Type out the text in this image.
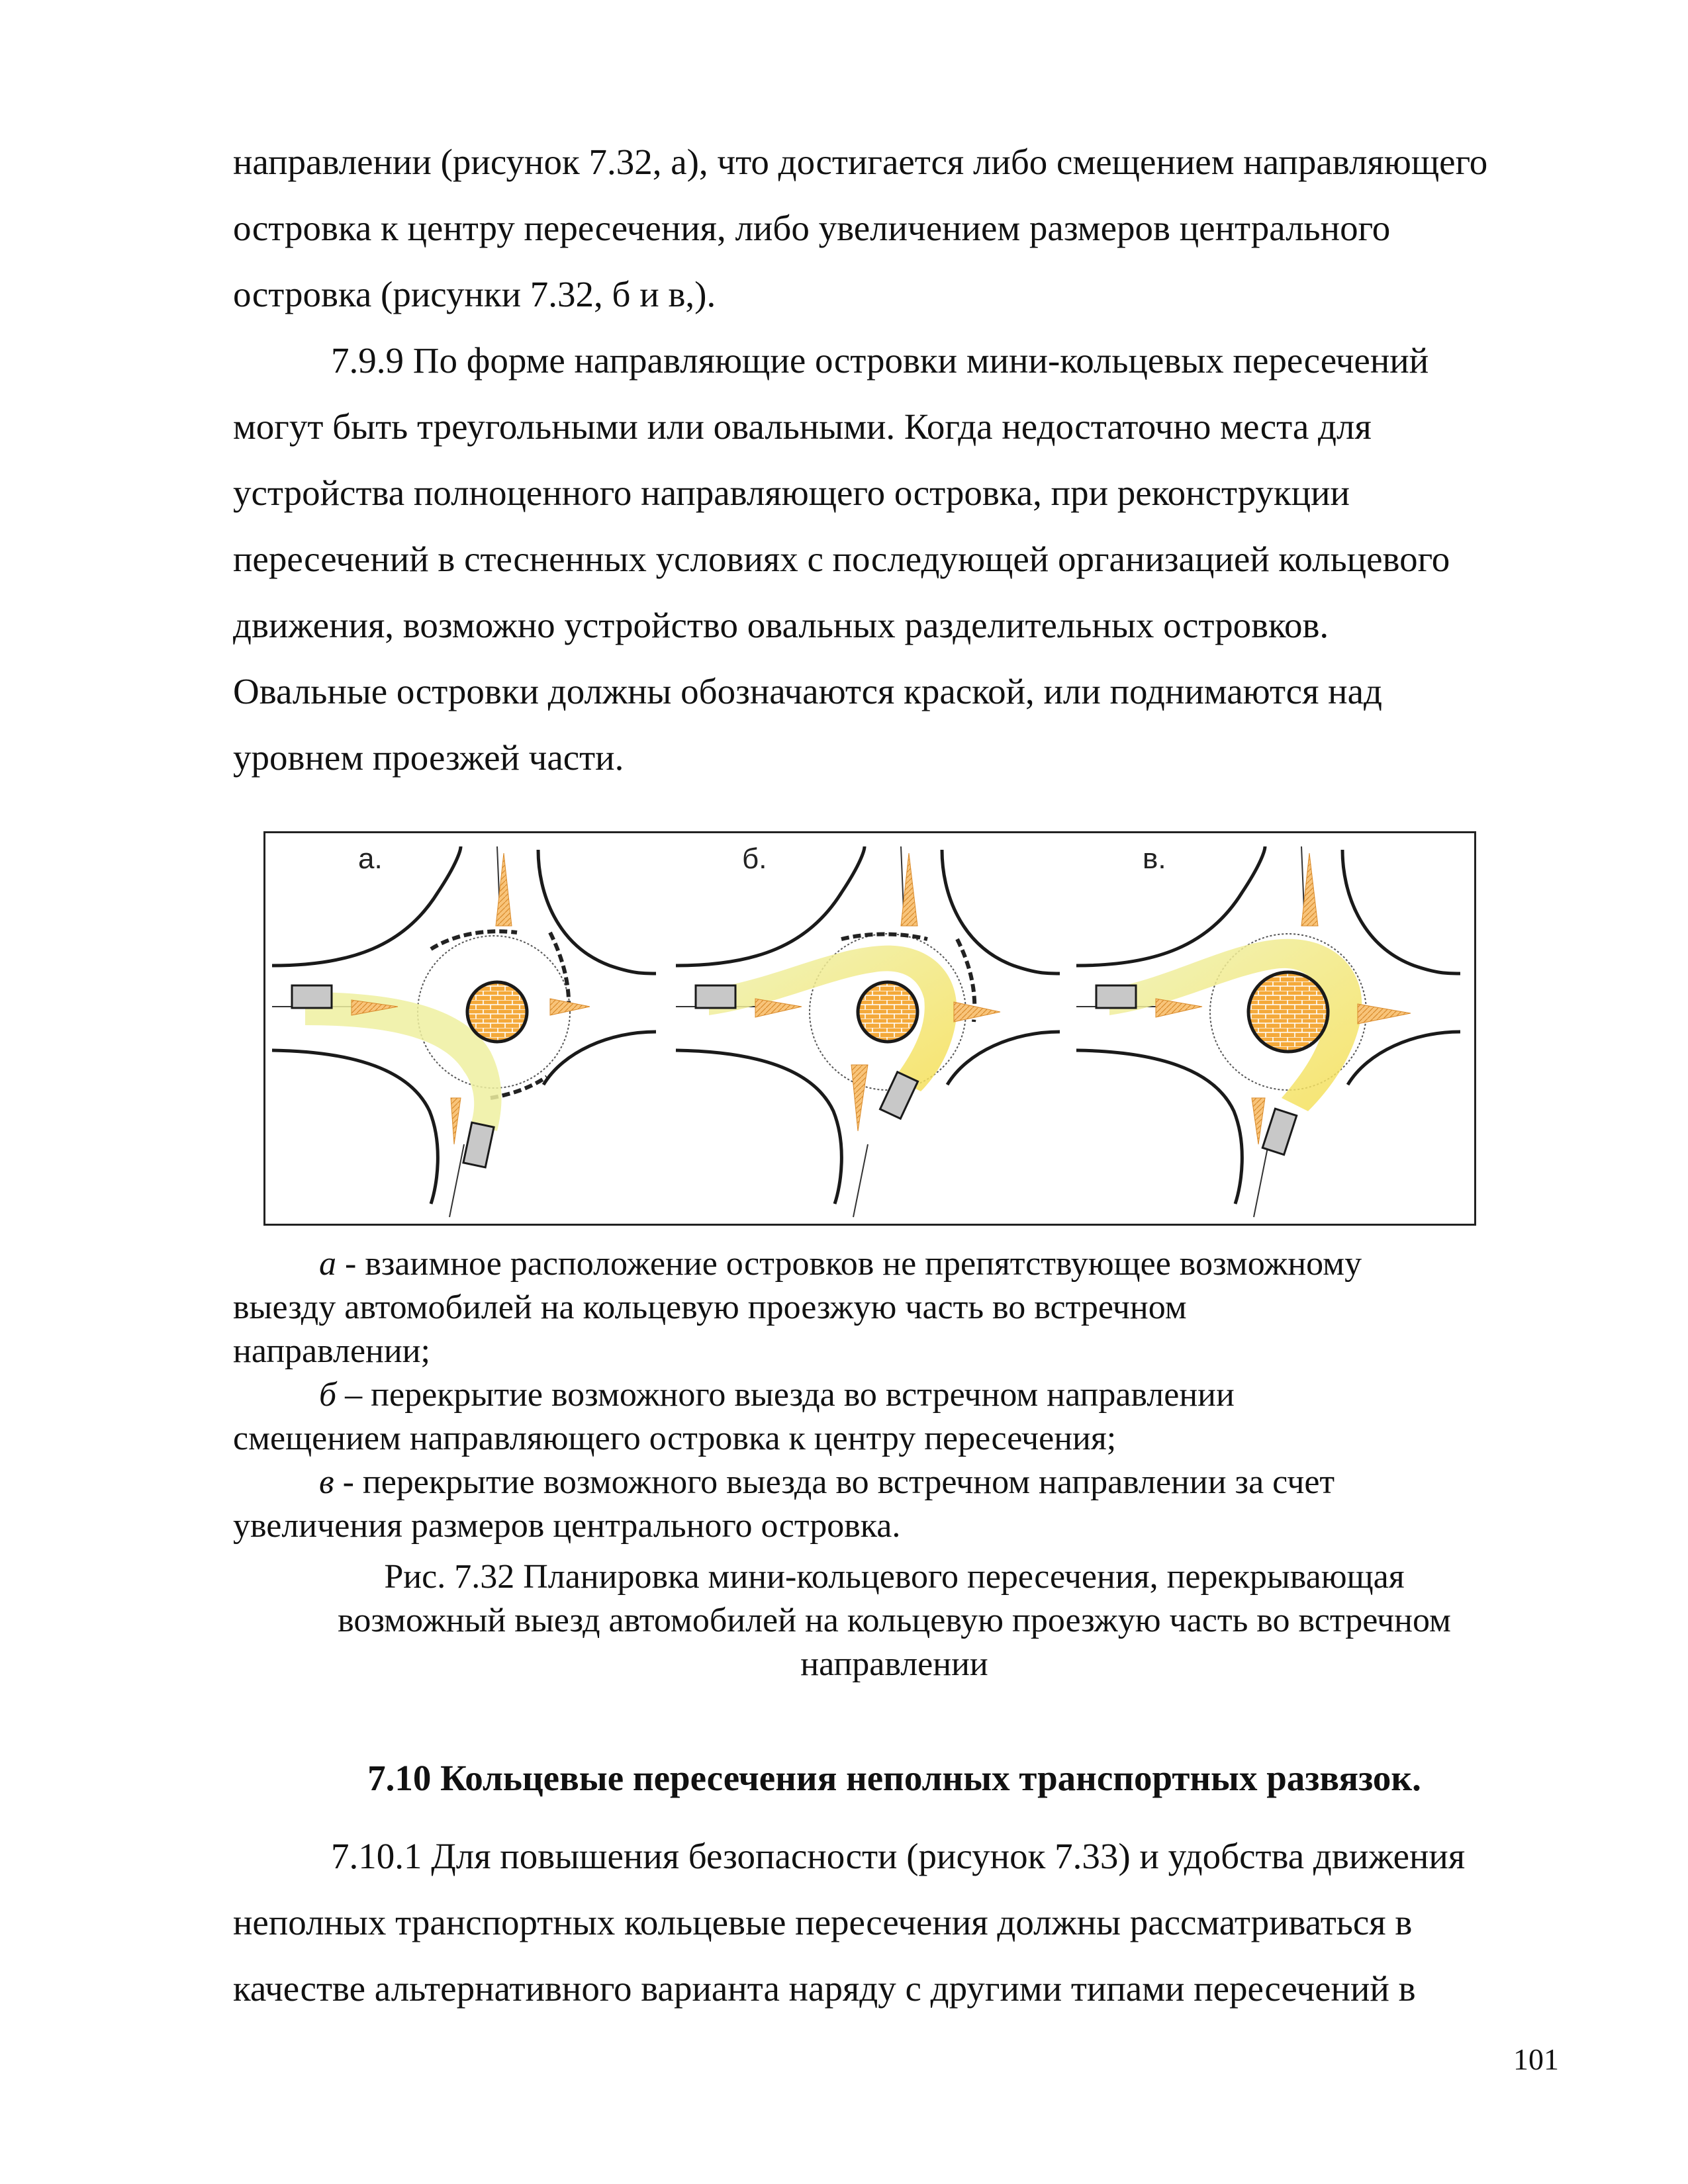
направлении (рисунок 7.32, а), что достигается либо смещением направляющего

островка к центру пересечения, либо увеличением размеров центрального

островка (рисунки 7.32, б и в,).

7.9.9 По форме направляющие островки мини-кольцевых пересечений

могут быть треугольными или овальными. Когда недостаточно места для

устройства полноценного направляющего островка, при реконструкции

пересечений в стесненных условиях с последующей организацией кольцевого

движения, возможно устройство овальных разделительных островков.

Овальные островки должны обозначаются краской, или поднимаются над

уровнем проезжей части.

а.	б.	в.

а - взаимное расположение островков не препятствующее возможному

выезду автомобилей на кольцевую проезжую часть во встречном

направлении;

б – перекрытие возможного выезда во встречном направлении

смещением направляющего островка к центру пересечения;

в - перекрытие возможного выезда во встречном направлении за счет

увеличения размеров центрального островка.

Рис. 7.32 Планировка мини-кольцевого пересечения, перекрывающая
возможный выезд автомобилей на кольцевую проезжую часть во встречном
направлении
7.10 Кольцевые пересечения неполных транспортных развязок.

7.10.1 Для повышения безопасности (рисунок 7.33) и удобства движения

неполных транспортных кольцевые пересечения должны рассматриваться в

качестве альтернативного варианта наряду с другими типами пересечений в

101
